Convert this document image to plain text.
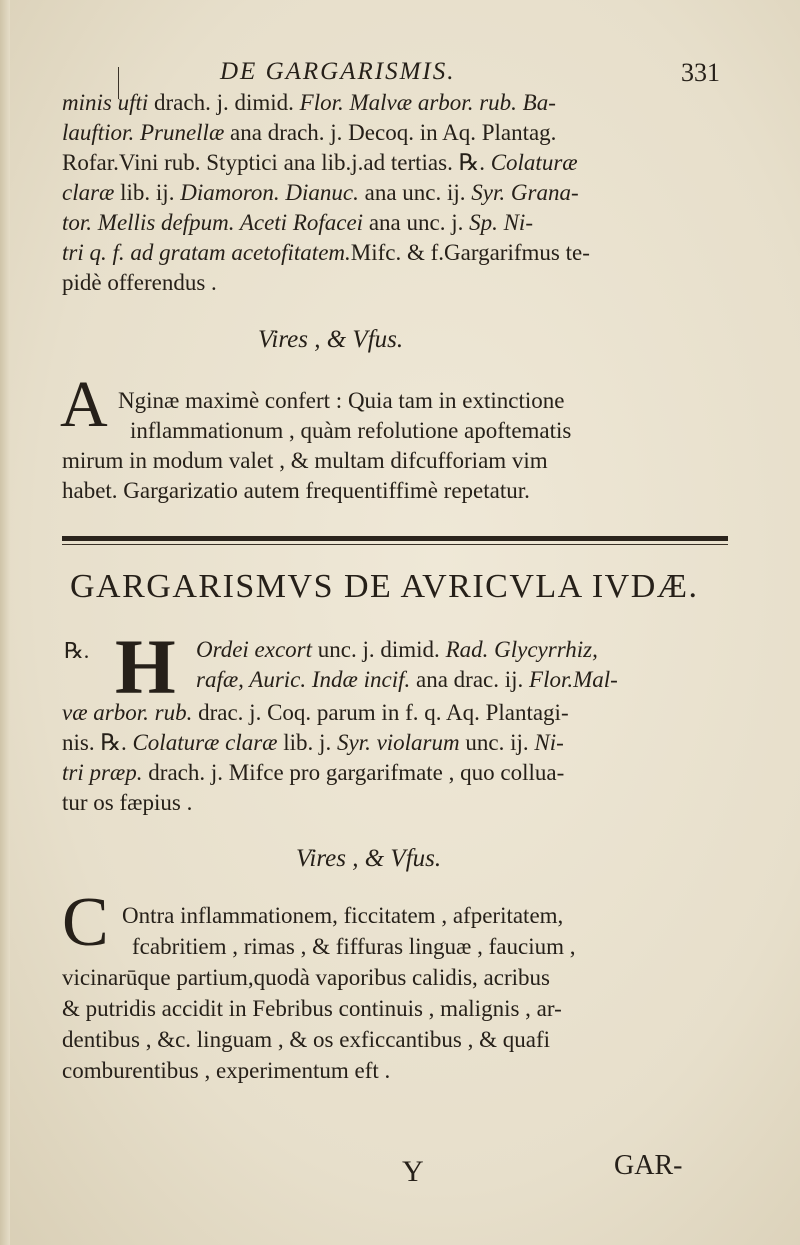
DE GARGARISMIS.	331
minis ufti drach. j. dimid. Flor. Malvæ arbor. rub. Ba-
lauftior. Prunellæ ana drach. j. Decoq. in Aq. Plantag.
Rofar.Vini rub. Styptici ana lib.j.ad tertias. ℞. Colaturæ
claræ lib. ij. Diamoron. Dianuc. ana unc. ij. Syr. Grana-
tor. Mellis defpum. Aceti Rofacei ana unc. j. Sp. Ni-
tri q. f. ad gratam acetofitatem.Mifc. & f.Gargarifmus te-
pidè offerendus .
Vires , & Vfus.
A Nginæ maximè confert : Quia tam in extinctione
inflammationum , quàm refolutione apoftematis
mirum in modum valet , & multam difcufforiam vim
habet. Gargarizatio autem frequentiffimè repetatur.
GARGARISMVS DE AVRICVLA IVDÆ.
℞. H Ordei excort unc. j. dimid. Rad. Glycyrrhiz,
rafæ, Auric. Indæ incif. ana drac. ij. Flor.Mal-
væ arbor. rub. drac. j. Coq. parum in f. q. Aq. Plantagi-
nis. ℞. Colaturæ claræ lib. j. Syr. violarum unc. ij. Ni-
tri præp. drach. j. Mifce pro gargarifmate , quo collua-
tur os fæpius .
Vires , & Vfus.
C Ontra inflammationem, ficcitatem , afperitatem,
fcabritiem , rimas , & fiffuras linguæ , faucium ,
vicinarūque partium,quodà vaporibus calidis, acribus
& putridis accidit in Febribus continuis , malignis , ar-
dentibus , &c. linguam , & os exficcantibus , & quafi
comburentibus , experimentum eft .
Y	GAR-
